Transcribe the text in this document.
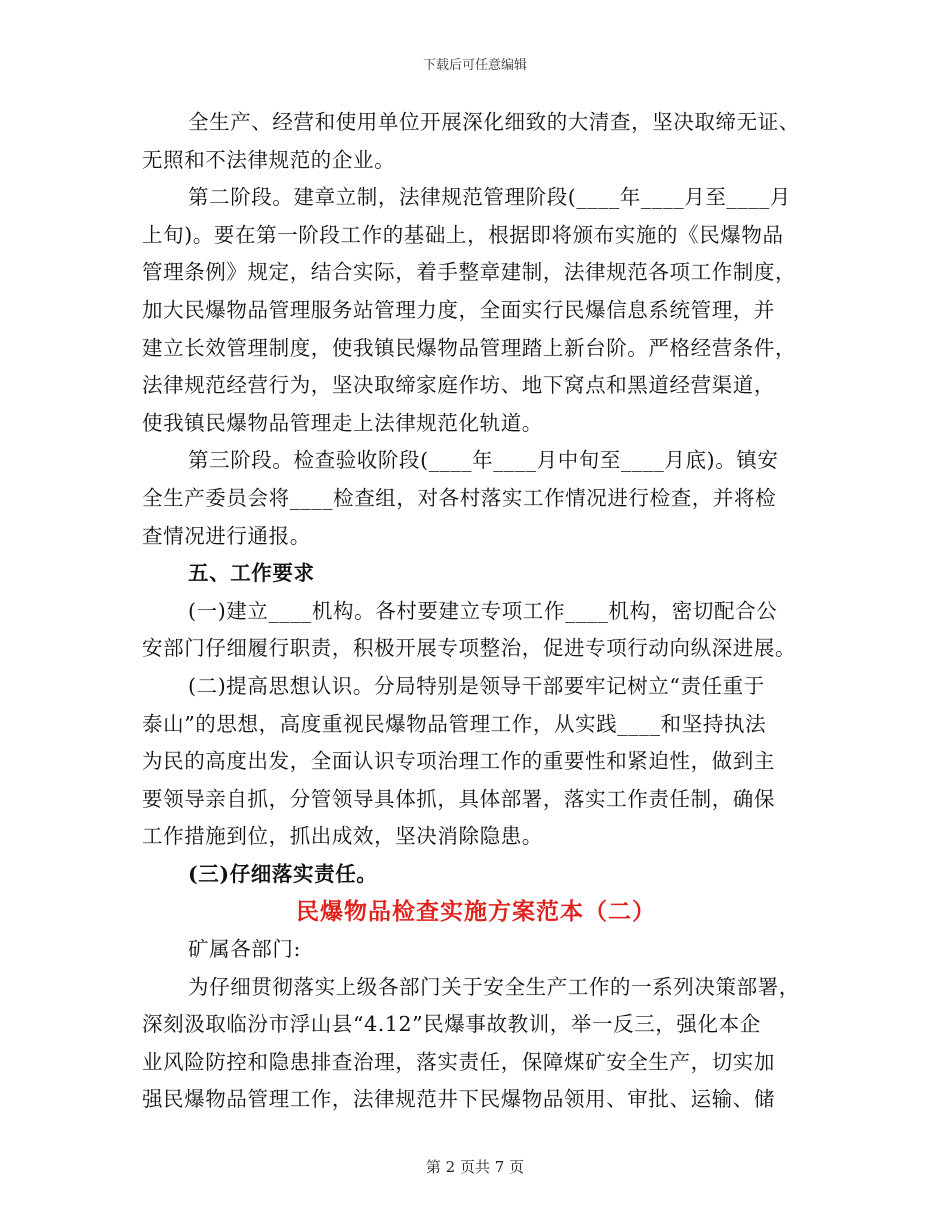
下载后可任意编辑
全生产、经营和使用单位开展深化细致的大清查，坚决取缔无证、
无照和不法律规范的企业。
第二阶段。建章立制，法律规范管理阶段(____年____月至____月
上旬)。要在第一阶段工作的基础上，根据即将颁布实施的《民爆物品
管理条例》规定，结合实际，着手整章建制，法律规范各项工作制度，
加大民爆物品管理服务站管理力度，全面实行民爆信息系统管理，并
建立长效管理制度，使我镇民爆物品管理踏上新台阶。严格经营条件，
法律规范经营行为，坚决取缔家庭作坊、地下窝点和黑道经营渠道，
使我镇民爆物品管理走上法律规范化轨道。
第三阶段。检查验收阶段(____年____月中旬至____月底)。镇安
全生产委员会将____检查组，对各村落实工作情况进行检查，并将检
查情况进行通报。
五、工作要求
(一)建立____机构。各村要建立专项工作____机构，密切配合公
安部门仔细履行职责，积极开展专项整治，促进专项行动向纵深进展。
(二)提高思想认识。分局特别是领导干部要牢记树立“责任重于
泰山”的思想，高度重视民爆物品管理工作，从实践____和坚持执法
为民的高度出发，全面认识专项治理工作的重要性和紧迫性，做到主
要领导亲自抓，分管领导具体抓，具体部署，落实工作责任制，确保
工作措施到位，抓出成效，坚决消除隐患。
(三)仔细落实责任。
民爆物品检查实施方案范本（二）
矿属各部门:
为仔细贯彻落实上级各部门关于安全生产工作的一系列决策部署，
深刻汲取临汾市浮山县“4.12”民爆事故教训，举一反三，强化本企
业风险防控和隐患排查治理，落实责任，保障煤矿安全生产，切实加
强民爆物品管理工作，法律规范井下民爆物品领用、审批、运输、储
第 2 页共 7 页
